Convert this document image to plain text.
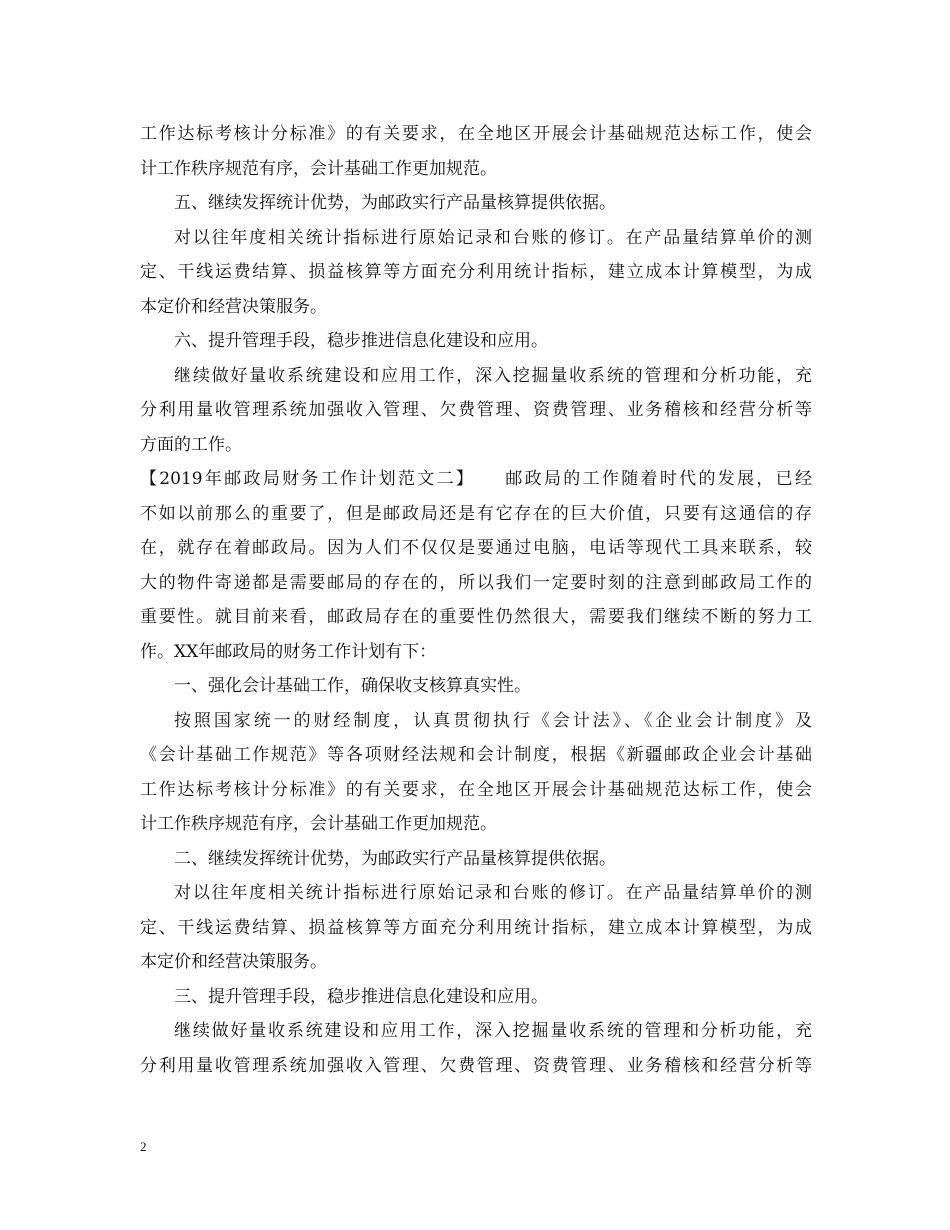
工作达标考核计分标准》的有关要求，在全地区开展会计基础规范达标工作，使会
计工作秩序规范有序，会计基础工作更加规范。
五、继续发挥统计优势，为邮政实行产品量核算提供依据。
对以往年度相关统计指标进行原始记录和台账的修订。在产品量结算单价的测
定、干线运费结算、损益核算等方面充分利用统计指标，建立成本计算模型，为成
本定价和经营决策服务。
六、提升管理手段，稳步推进信息化建设和应用。
继续做好量收系统建设和应用工作，深入挖掘量收系统的管理和分析功能，充
分利用量收管理系统加强收入管理、欠费管理、资费管理、业务稽核和经营分析等
方面的工作。
【2019年邮政局财务工作计划范文二】　　邮政局的工作随着时代的发展，已经
不如以前那么的重要了，但是邮政局还是有它存在的巨大价值，只要有这通信的存
在，就存在着邮政局。因为人们不仅仅是要通过电脑，电话等现代工具来联系，较
大的物件寄递都是需要邮局的存在的，所以我们一定要时刻的注意到邮政局工作的
重要性。就目前来看，邮政局存在的重要性仍然很大，需要我们继续不断的努力工
作。XX年邮政局的财务工作计划有下：
一、强化会计基础工作，确保收支核算真实性。
按照国家统一的财经制度，认真贯彻执行《会计法》、《企业会计制度》及
《会计基础工作规范》等各项财经法规和会计制度，根据《新疆邮政企业会计基础
工作达标考核计分标准》的有关要求，在全地区开展会计基础规范达标工作，使会
计工作秩序规范有序，会计基础工作更加规范。
二、继续发挥统计优势，为邮政实行产品量核算提供依据。
对以往年度相关统计指标进行原始记录和台账的修订。在产品量结算单价的测
定、干线运费结算、损益核算等方面充分利用统计指标，建立成本计算模型，为成
本定价和经营决策服务。
三、提升管理手段，稳步推进信息化建设和应用。
继续做好量收系统建设和应用工作，深入挖掘量收系统的管理和分析功能，充
分利用量收管理系统加强收入管理、欠费管理、资费管理、业务稽核和经营分析等
2
